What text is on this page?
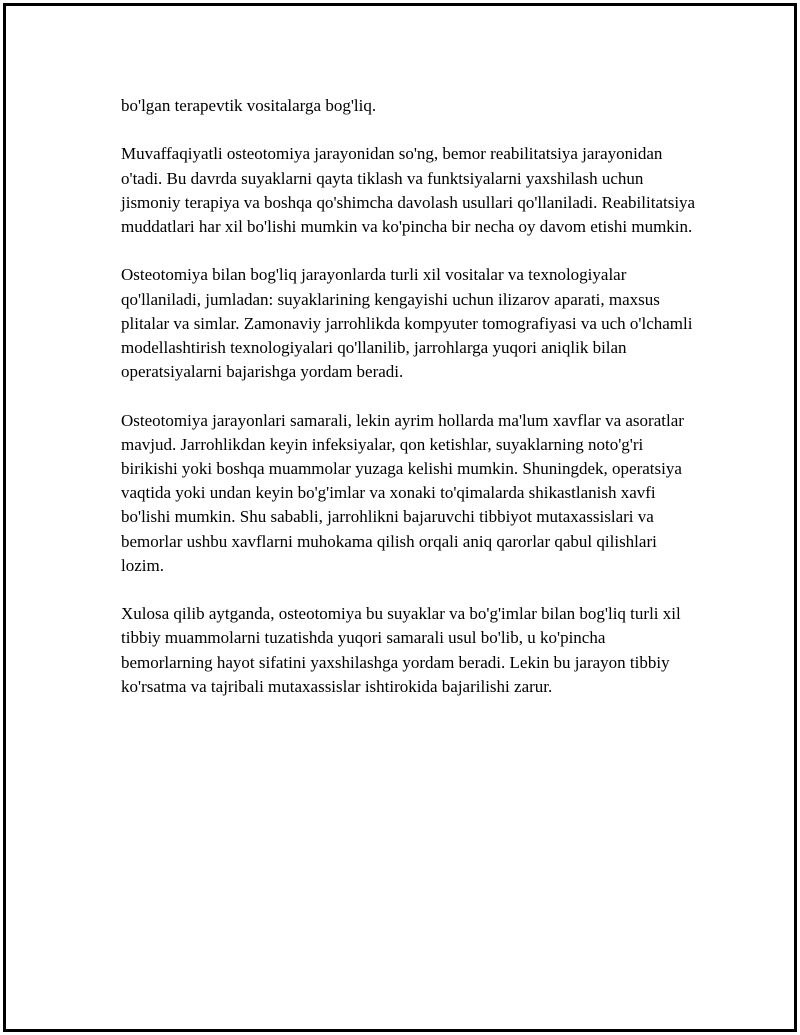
bo'lgan terapevtik vositalarga bog'liq.

Muvaffaqiyatli osteotomiya jarayonidan so'ng, bemor reabilitatsiya jarayonidan o'tadi. Bu davrda suyaklarni qayta tiklash va funktsiyalarni yaxshilash uchun jismoniy terapiya va boshqa qo'shimcha davolash usullari qo'llaniladi. Reabilitatsiya muddatlari har xil bo'lishi mumkin va ko'pincha bir necha oy davom etishi mumkin.

Osteotomiya bilan bog'liq jarayonlarda turli xil vositalar va texnologiyalar qo'llaniladi, jumladan: suyaklarining kengayishi uchun ilizarov aparati, maxsus plitalar va simlar. Zamonaviy jarrohlikda kompyuter tomografiyasi va uch o'lchamli modellashtirish texnologiyalari qo'llanilib, jarrohlarga yuqori aniqlik bilan operatsiyalarni bajarishga yordam beradi.

Osteotomiya jarayonlari samarali, lekin ayrim hollarda ma'lum xavflar va asoratlar mavjud. Jarrohlikdan keyin infeksiyalar, qon ketishlar, suyaklarning noto'g'ri birikishi yoki boshqa muammolar yuzaga kelishi mumkin. Shuningdek, operatsiya vaqtida yoki undan keyin bo'g'imlar va xonaki to'qimalarda shikastlanish xavfi bo'lishi mumkin. Shu sababli, jarrohlikni bajaruvchi tibbiyot mutaxassislari va bemorlar ushbu xavflarni muhokama qilish orqali aniq qarorlar qabul qilishlari lozim.

Xulosa qilib aytganda, osteotomiya bu suyaklar va bo'g'imlar bilan bog'liq turli xil tibbiy muammolarni tuzatishda yuqori samarali usul bo'lib, u ko'pincha bemorlarning hayot sifatini yaxshilashga yordam beradi. Lekin bu jarayon tibbiy ko'rsatma va tajribali mutaxassislar ishtirokida bajarilishi zarur.
